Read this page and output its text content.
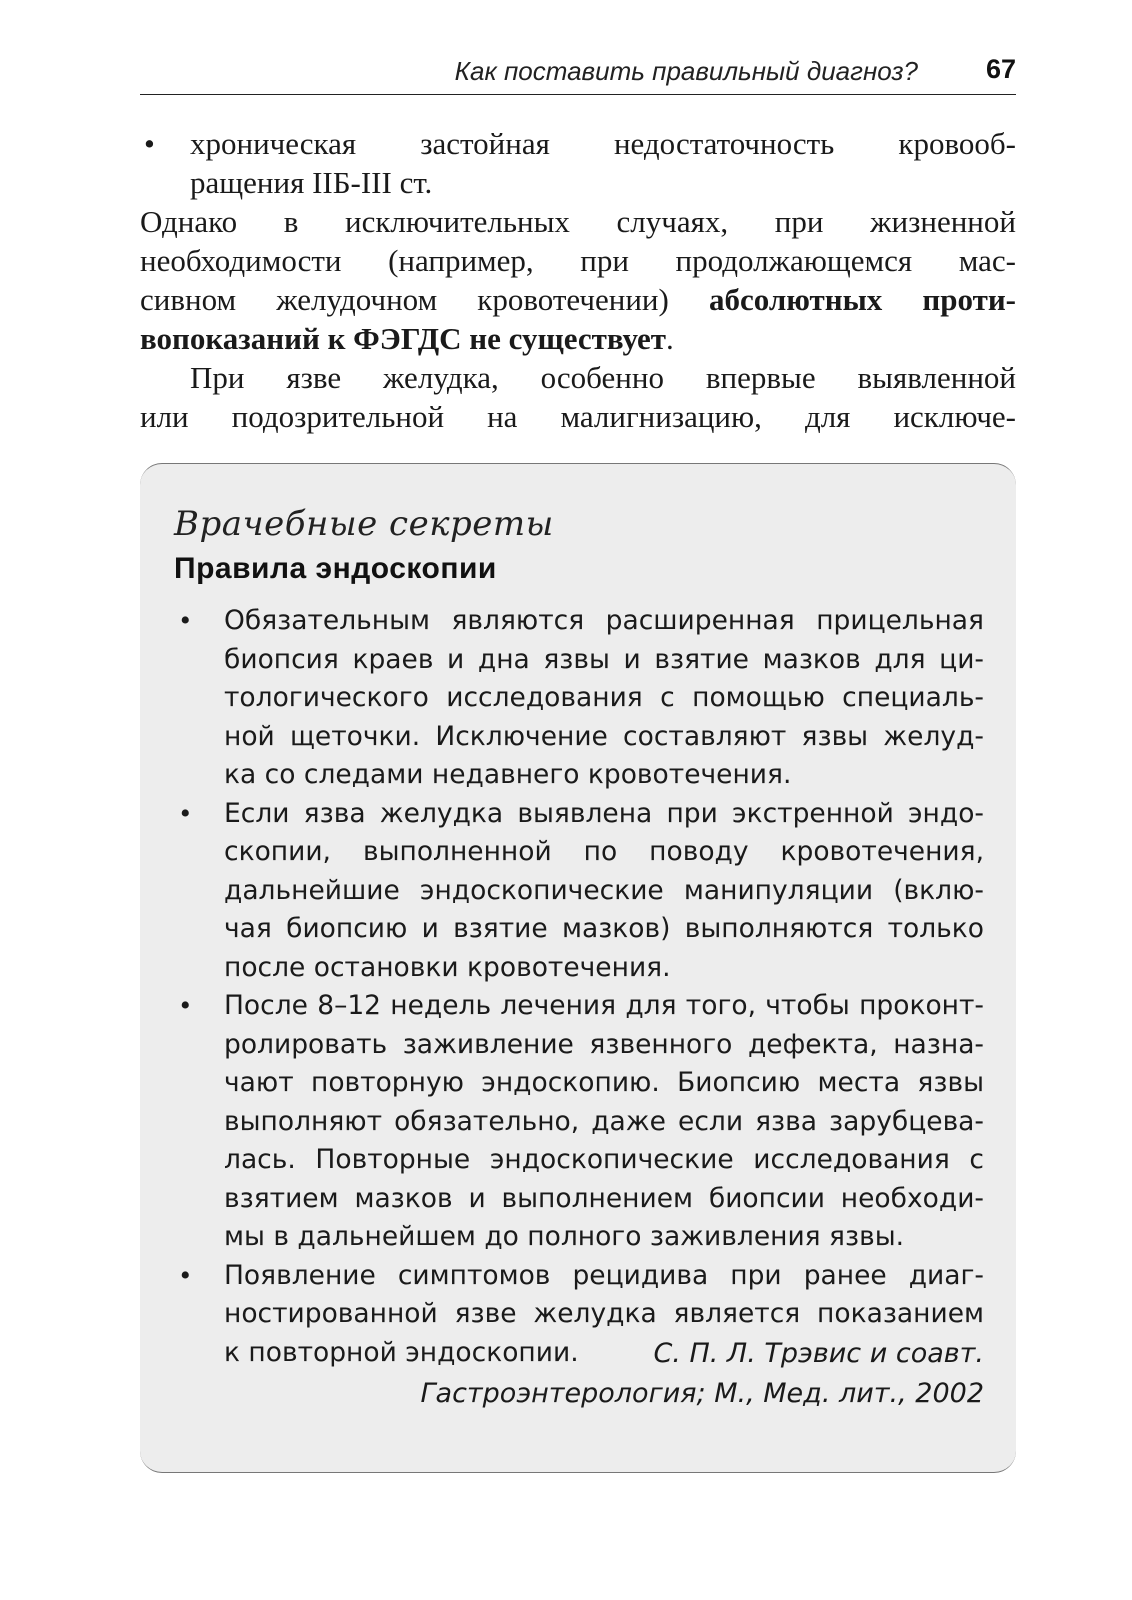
Как поставить правильный диагноз?	67
• хроническая застойная недостаточность кровооб-
ращения IIБ-III ст.
Однако в исключительных случаях, при жизненной
необходимости (например, при продолжающемся мас-
сивном желудочном кровотечении) абсолютных проти-
вопоказаний к ФЭГДС не существует.
При язве желудка, особенно впервые выявленной
или подозрительной на малигнизацию, для исключе-
Врачебные секреты
Правила эндоскопии
• Обязательным являются расширенная прицельная
биопсия краев и дна язвы и взятие мазков для ци-
тологического исследования с помощью специаль-
ной щеточки. Исключение составляют язвы желуд-
ка со следами недавнего кровотечения.
• Если язва желудка выявлена при экстренной эндо-
скопии, выполненной по поводу кровотечения,
дальнейшие эндоскопические манипуляции (вклю-
чая биопсию и взятие мазков) выполняются только
после остановки кровотечения.
• После 8–12 недель лечения для того, чтобы проконт-
ролировать заживление язвенного дефекта, назна-
чают повторную эндоскопию. Биопсию места язвы
выполняют обязательно, даже если язва зарубцева-
лась. Повторные эндоскопические исследования с
взятием мазков и выполнением биопсии необходи-
мы в дальнейшем до полного заживления язвы.
• Появление симптомов рецидива при ранее диаг-
ностированной язве желудка является показанием
к повторной эндоскопии.	С. П. Л. Трэвис и соавт.
Гастроэнтерология; М., Мед. лит., 2002
